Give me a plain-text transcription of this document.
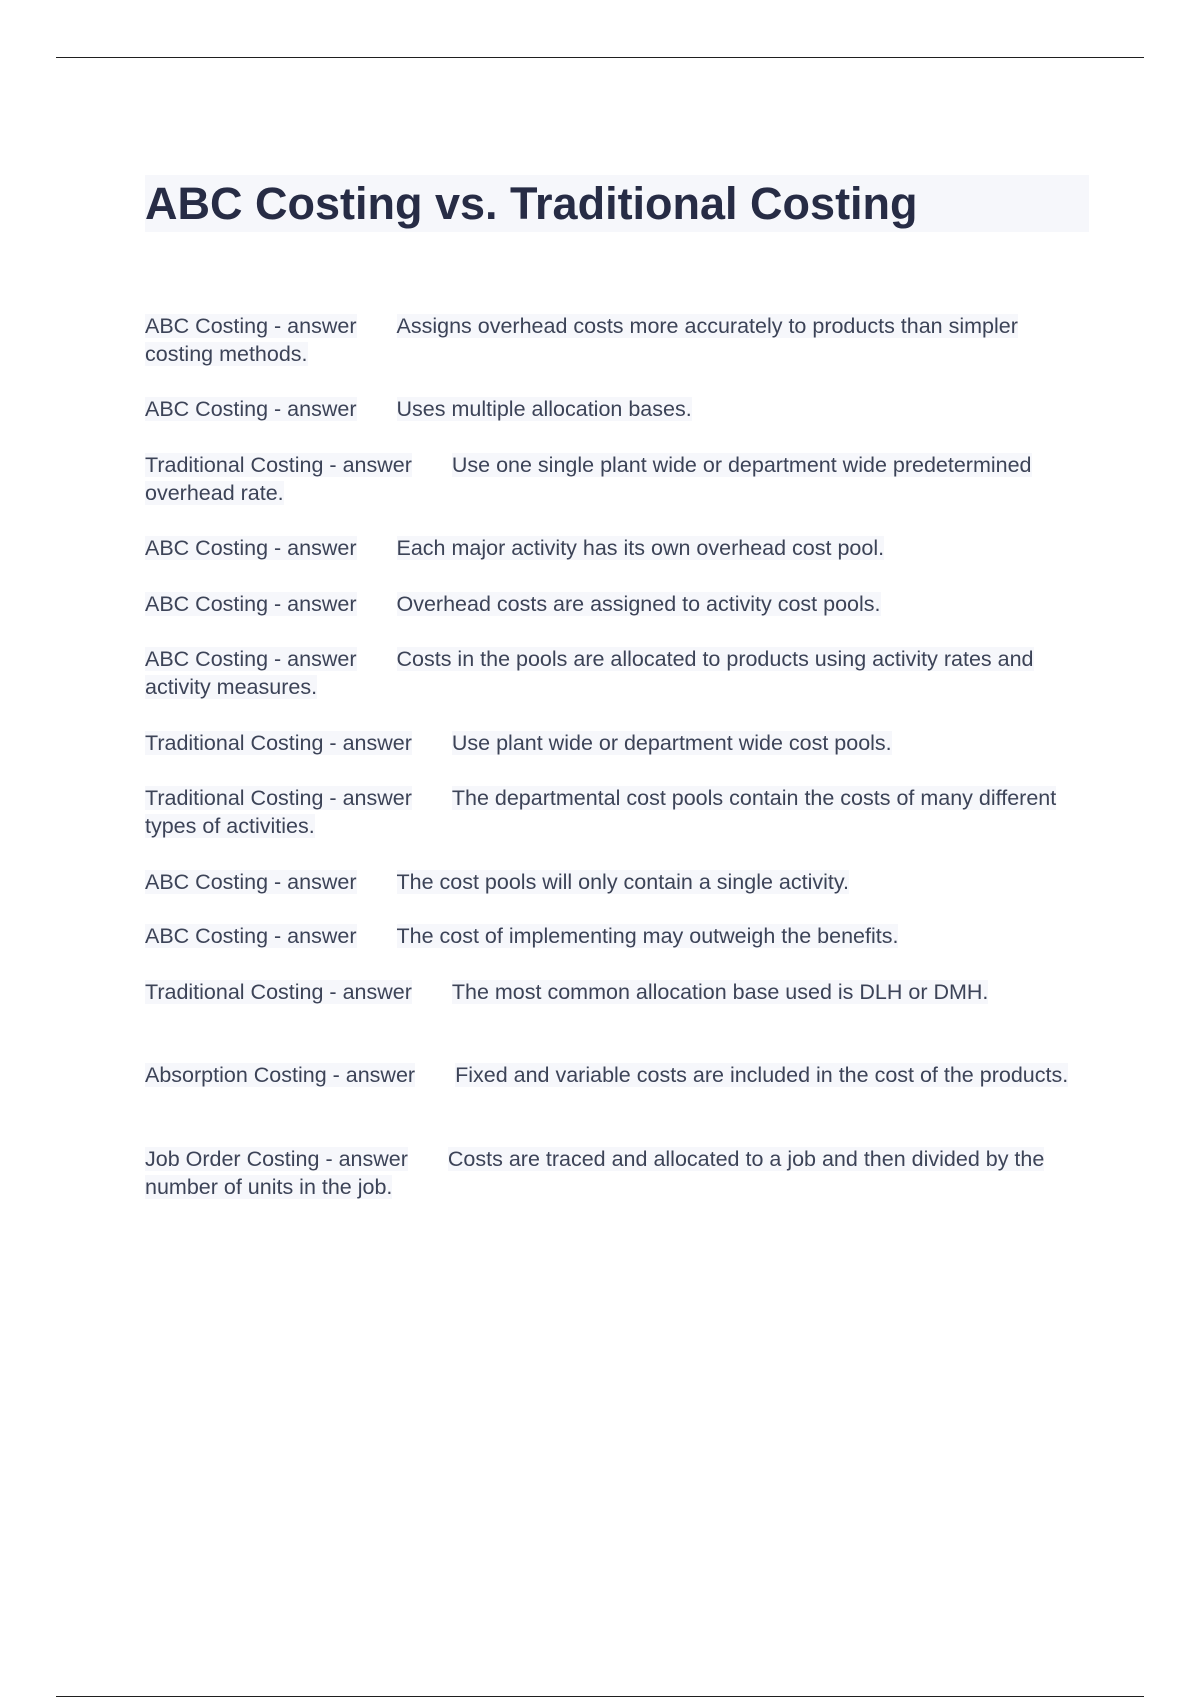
ABC Costing vs. Traditional Costing

ABC Costing - answer Assigns overhead costs more accurately to products than simpler costing methods.

ABC Costing - answer Uses multiple allocation bases.

Traditional Costing - answer Use one single plant wide or department wide predetermined overhead rate.

ABC Costing - answer Each major activity has its own overhead cost pool.

ABC Costing - answer Overhead costs are assigned to activity cost pools.

ABC Costing - answer Costs in the pools are allocated to products using activity rates and activity measures.

Traditional Costing - answer Use plant wide or department wide cost pools.

Traditional Costing - answer The departmental cost pools contain the costs of many different types of activities.

ABC Costing - answer The cost pools will only contain a single activity.

ABC Costing - answer The cost of implementing may outweigh the benefits.

Traditional Costing - answer The most common allocation base used is DLH or DMH.

Absorption Costing - answer Fixed and variable costs are included in the cost of the products.

Job Order Costing - answer Costs are traced and allocated to a job and then divided by the number of units in the job.
